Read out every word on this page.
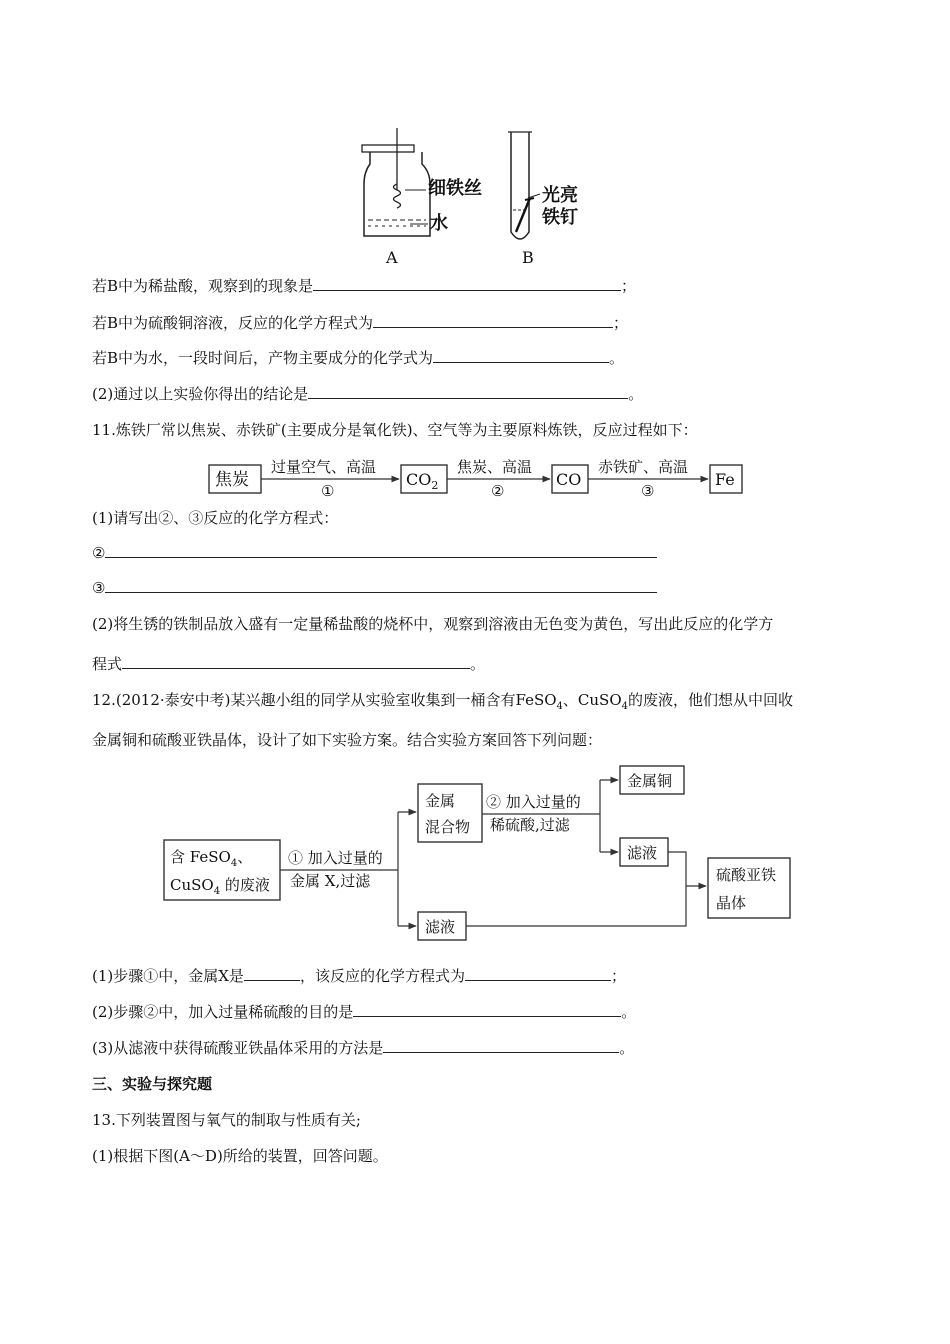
细铁丝
水
A
光亮
铁钉
B
若B中为稀盐酸，观察到的现象是	；
若B中为硫酸铜溶液，反应的化学方程式为	；
若B中为水，一段时间后，产物主要成分的化学式为	。
(2)通过以上实验你得出的结论是	。
11.炼铁厂常以焦炭、赤铁矿(主要成分是氧化铁)、空气等为主要原料炼铁，反应过程如下：
焦炭
过量空气、高温
①
$CO_2$
焦炭、高温
②
CO
赤铁矿、高温
③
Fe
(1)请写出②、③反应的化学方程式：
②
③
(2)将生锈的铁制品放入盛有一定量稀盐酸的烧杯中，观察到溶液由无色变为黄色，写出此反应的化学方
程式	。
12.(2012·泰安中考)某兴趣小组的同学从实验室收集到一桶含有FeSO$_4$、CuSO$_4$的废液，他们想从中回收
金属铜和硫酸亚铁晶体，设计了如下实验方案。结合实验方案回答下列问题：
含 FeSO$_4$、
CuSO$_4$ 的废液
① 加入过量的
金属 X,过滤
金属
混合物
滤液
② 加入过量的
稀硫酸,过滤
金属铜
滤液
硫酸亚铁
晶体
(1)步骤①中，金属X是	，该反应的化学方程式为	；
(2)步骤②中，加入过量稀硫酸的目的是	。
(3)从滤液中获得硫酸亚铁晶体采用的方法是	。
三、实验与探究题
13.下列装置图与氧气的制取与性质有关;
(1)根据下图(A～D)所给的装置，回答问题。
